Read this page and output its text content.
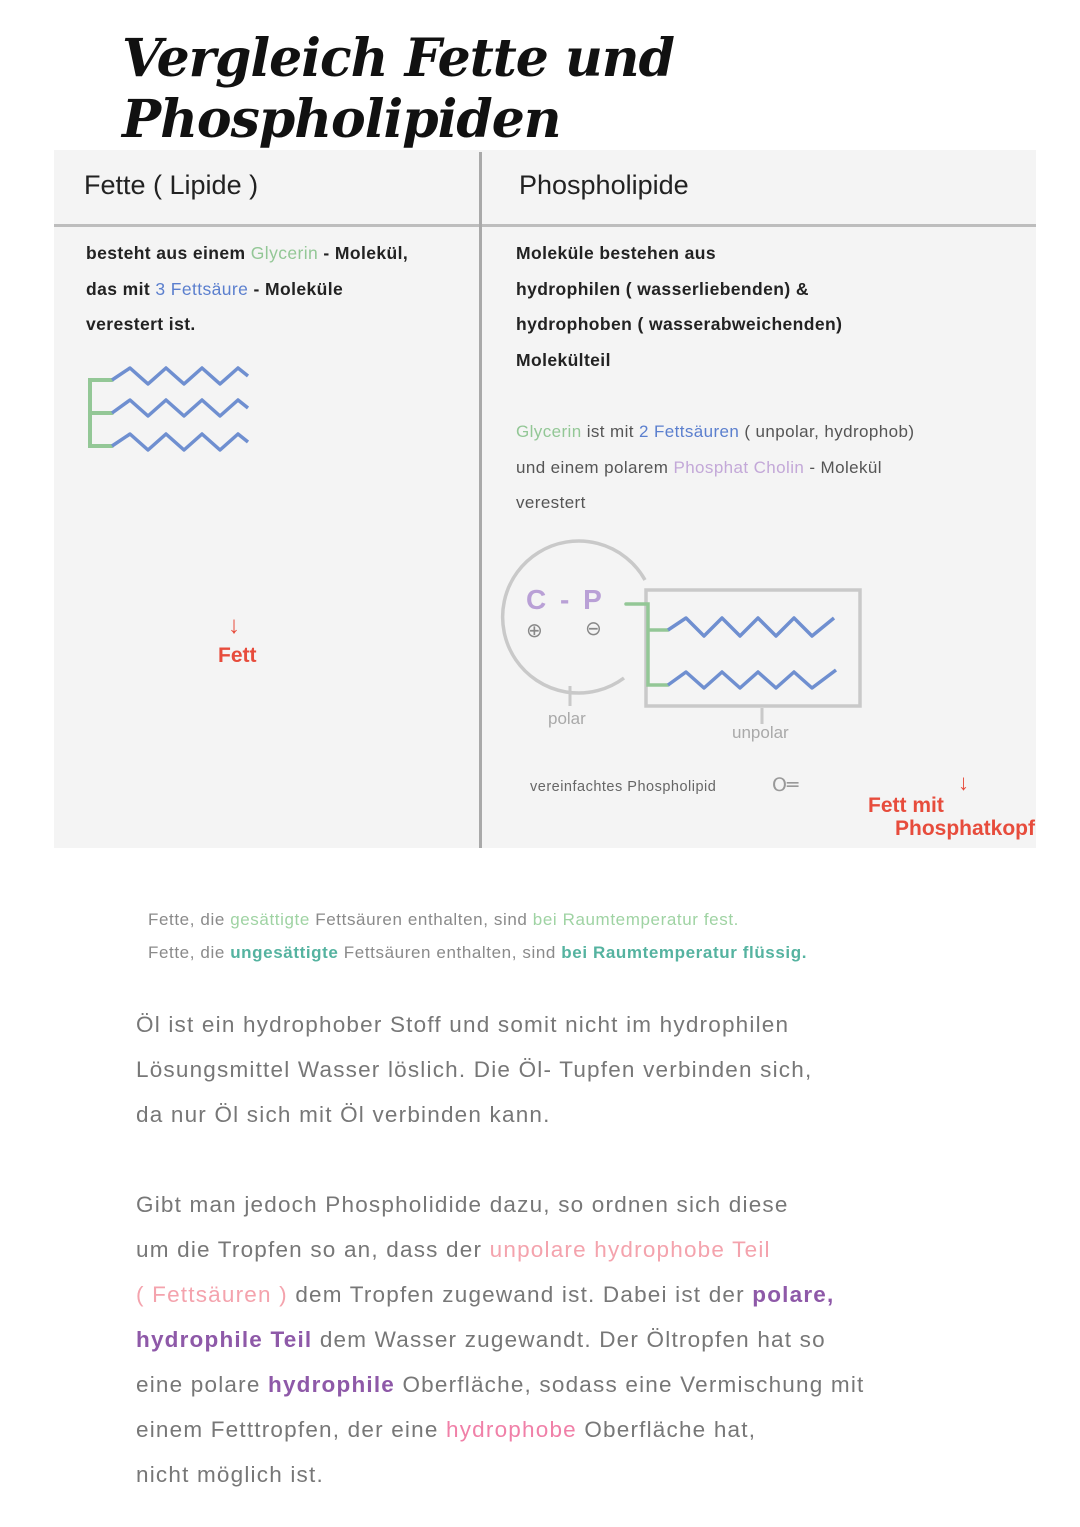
Vergleich Fette und Phospholipiden
Fette ( Lipide )	Phospholipide
besteht aus einem Glycerin - Molekül,
das mit 3 Fettsäure - Moleküle
verestert ist.
↓
Fett
Moleküle bestehen aus
hydrophilen ( wasserliebenden) &
hydrophoben ( wasserabweichenden)
Molekülteil
Glycerin ist mit 2 Fettsäuren ( unpolar, hydrophob)
und einem polarem Phosphat Cholin - Molekül
verestert
C - P
⊕ ⊖
polar
unpolar
vereinfachtes Phospholipid	O═	↓
Fett mit
Phosphatkopf
Fette, die gesättigte Fettsäuren enthalten, sind bei Raumtemperatur fest.
Fette, die ungesättigte Fettsäuren enthalten, sind bei Raumtemperatur flüssig.
Öl ist ein hydrophober Stoff und somit nicht im hydrophilen
Lösungsmittel Wasser löslich. Die Öl- Tupfen verbinden sich,
da nur Öl sich mit Öl verbinden kann.
Gibt man jedoch Phospholidide dazu, so ordnen sich diese
um die Tropfen so an, dass der unpolare hydrophobe Teil
( Fettsäuren ) dem Tropfen zugewand ist. Dabei ist der polare,
hydrophile Teil dem Wasser zugewandt. Der Öltropfen hat so
eine polare hydrophile Oberfläche, sodass eine Vermischung mit
einem Fetttropfen, der eine hydrophobe Oberfläche hat,
nicht möglich ist.
